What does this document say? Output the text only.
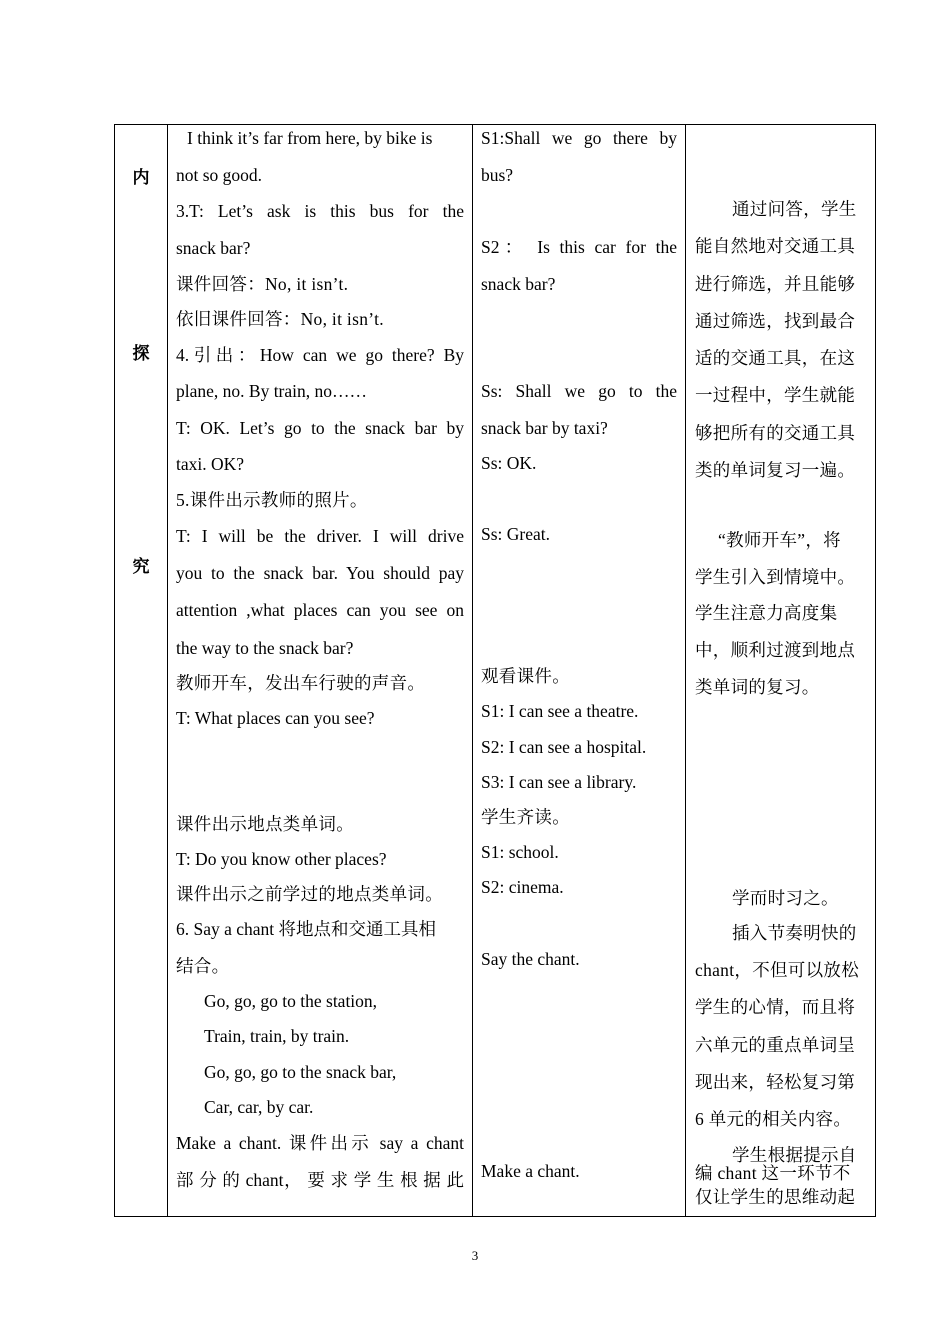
内
探
究
I think it’s far from here, by bike is
not so good.
3.T: Let’s ask is this bus for the
snack bar?
课件回答：No, it isn’t.
依旧课件回答：No, it isn’t.
4.引出：How can we go there? By
plane, no. By train, no……
T: OK. Let’s go to the snack bar by
taxi. OK?
5.课件出示教师的照片。
T: I will be the driver. I will drive
you to the snack bar. You should pay
attention ,what places can you see on
the way to the snack bar?
教师开车，发出车行驶的声音。
T: What places can you see?
课件出示地点类单词。
T: Do you know other places?
课件出示之前学过的地点类单词。
6. Say a chant 将地点和交通工具相
结合。
Go, go, go to the station,
Train, train, by train.
Go, go, go to the snack bar,
Car, car, by car.
Make a chant. 课件出示 say a chant
部 分 的 chant， 要 求 学 生 根 据 此
S1:Shall we go there by
bus?
S2： Is this car for the
snack bar?
Ss: Shall we go to the
snack bar by taxi?
Ss: OK.
Ss: Great.
观看课件。
S1: I can see a theatre.
S2: I can see a hospital.
S3: I can see a library.
学生齐读。
S1: school.
S2: cinema.
Say the chant.
Make a chant.
通过问答，学生
能自然地对交通工具
进行筛选，并且能够
通过筛选，找到最合
适的交通工具，在这
一过程中，学生就能
够把所有的交通工具
类的单词复习一遍。
“教师开车”，将
学生引入到情境中。
学生注意力高度集
中，顺利过渡到地点
类单词的复习。
学而时习之。
插入节奏明快的
chant，不但可以放松
学生的心情，而且将
六单元的重点单词呈
现出来，轻松复习第
6 单元的相关内容。
学生根据提示自
编 chant 这一环节不
仅让学生的思维动起
3
